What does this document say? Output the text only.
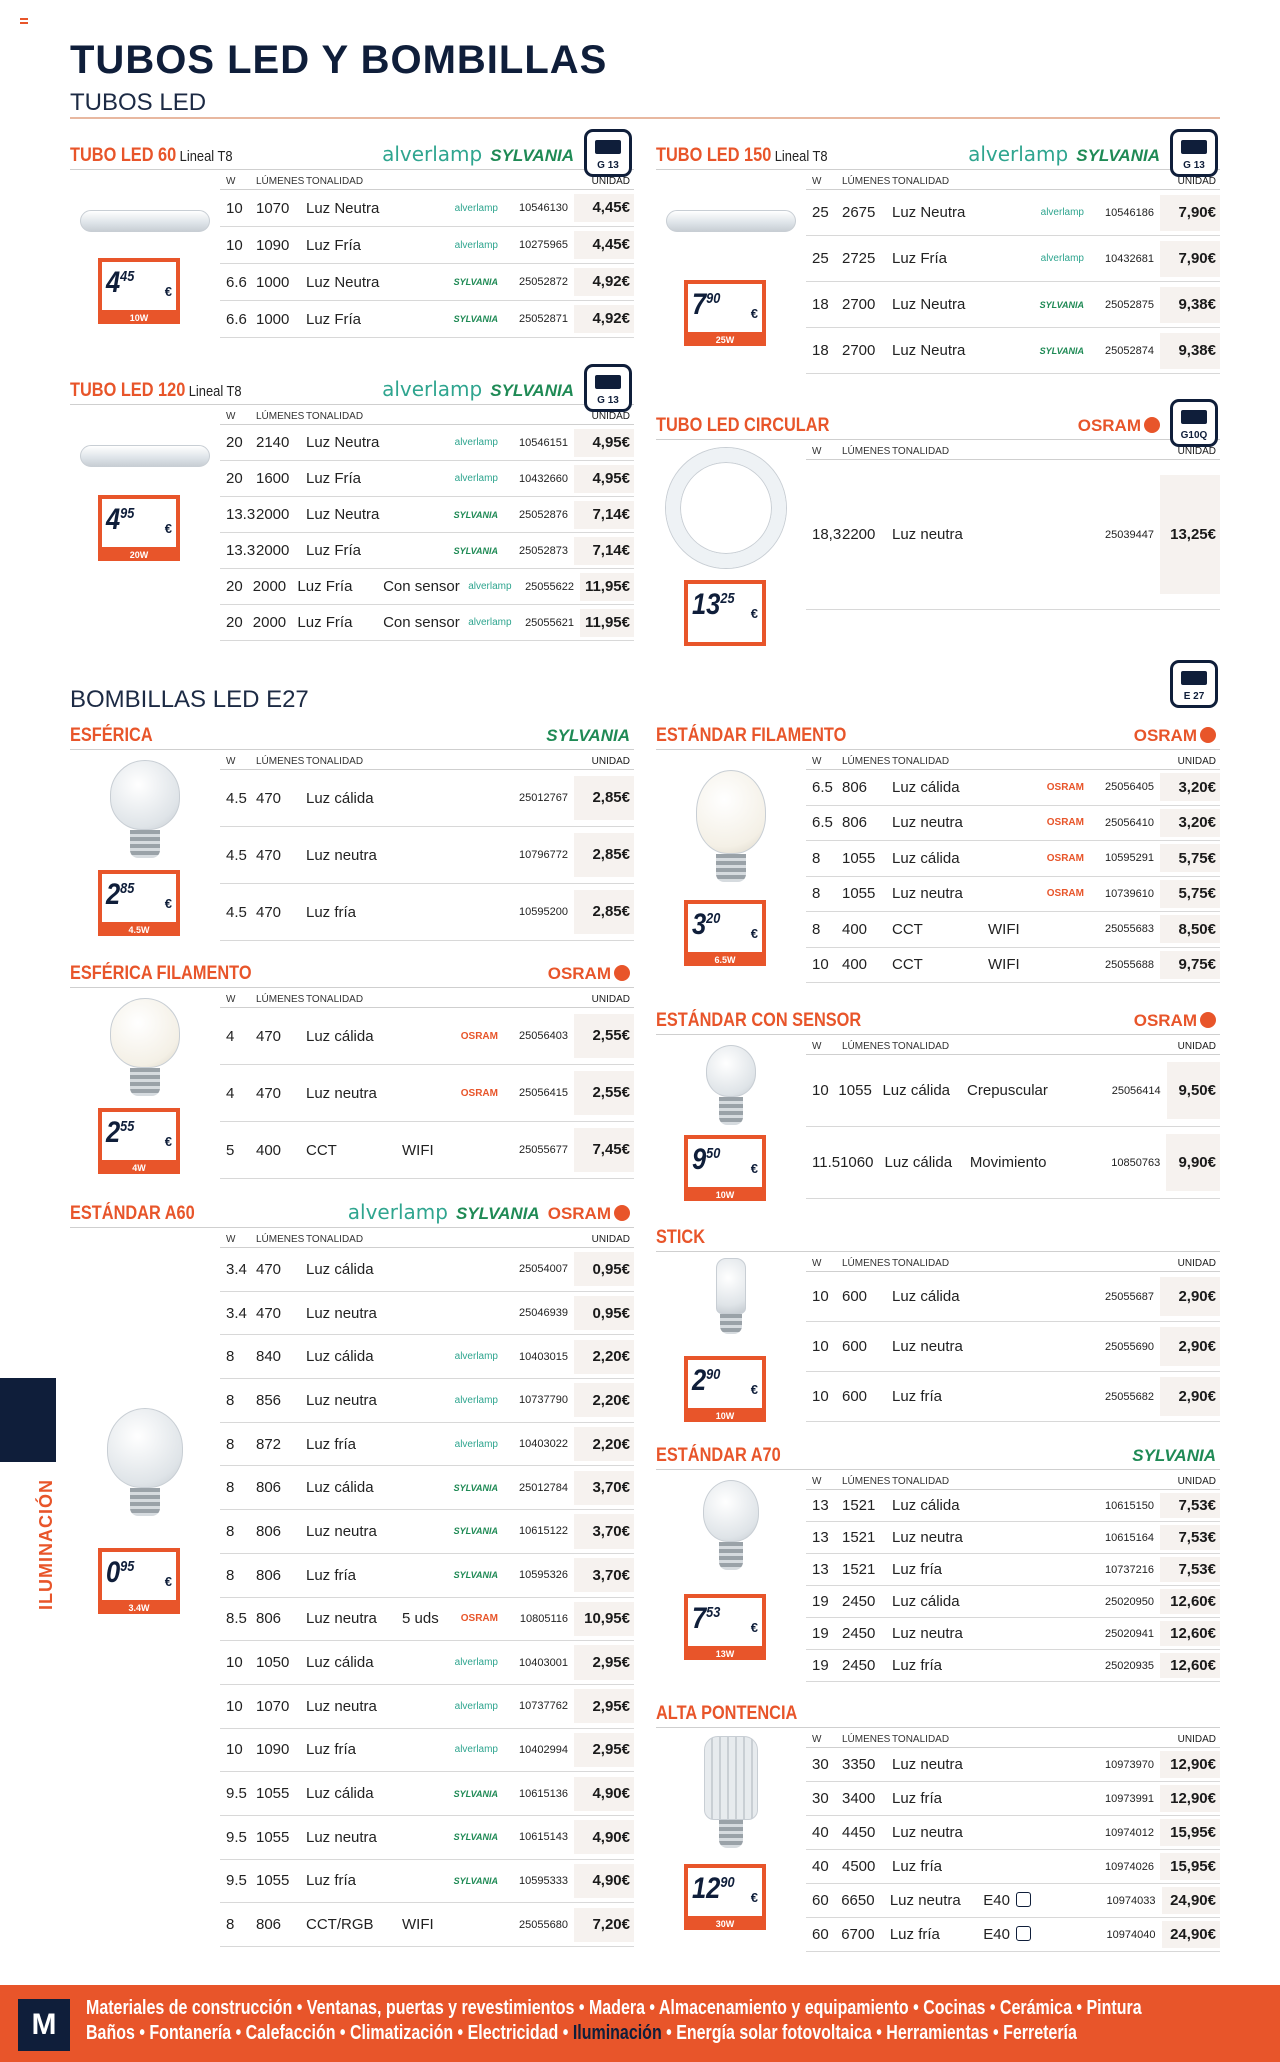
TUBOS LED Y BOMBILLAS
TUBOS LED
TUBO LED 60 Lineal T8	alverlamp SYLVANIA
G 13
$4^{45}$
€
10W
W	LÚMENES TONALIDAD	UNIDAD
10 1070	Luz Neutra	alverlamp	10546130	4,45€
10 1090	Luz Fría	alverlamp	10275965	4,45€
6.6 1000	Luz Neutra	SYLVANIA	25052872	4,92€
6.6 1000	Luz Fría	SYLVANIA	25052871	4,92€
TUBO LED 120 Lineal T8	alverlamp SYLVANIA
G 13
$4^{95}$
€
20W
W	LÚMENES TONALIDAD	UNIDAD
20 2140	Luz Neutra	alverlamp	10546151	4,95€
20 1600	Luz Fría	alverlamp	10432660	4,95€
13.3 2000	Luz Neutra	SYLVANIA	25052876	7,14€
13.3 2000	Luz Fría	SYLVANIA	25052873	7,14€
20 2000 Luz Fría	Con sensor alverlamp	25055622 11,95€
20 2000 Luz Fría	Con sensor alverlamp	25055621 11,95€
TUBO LED 150 Lineal T8	alverlamp SYLVANIA
G 13
$7^{90}$
€
25W
W	LÚMENES TONALIDAD	UNIDAD
25 2675	Luz Neutra	alverlamp	10546186	7,90€
25 2725	Luz Fría	alverlamp	10432681	7,90€
18 2700	Luz Neutra	SYLVANIA	25052875	9,38€
18 2700	Luz Neutra	SYLVANIA	25052874	9,38€
TUBO LED CIRCULAR	OSRAM
G10Q
$13^{25}$
€
W	LÚMENES TONALIDAD	UNIDAD
18,3 2200	Luz neutra	25039447	13,25€
BOMBILLAS LED E27	E 27
ESFÉRICA	SYLVANIA
$2^{85}$
€
4.5W
W	LÚMENES TONALIDAD	UNIDAD
4.5 470	Luz cálida	25012767	2,85€
4.5 470	Luz neutra	10796772	2,85€
4.5 470	Luz fría	10595200	2,85€
ESFÉRICA FILAMENTO	OSRAM
$2^{55}$
€
4W
W	LÚMENES TONALIDAD	UNIDAD
4	470	Luz cálida	OSRAM	25056403	2,55€
4	470	Luz neutra	OSRAM	25056415	2,55€
5	400	CCT	WIFI	25055677	7,45€
ESTÁNDAR A60	alverlamp SYLVANIA OSRAM
$0^{95}$
€
3.4W
W	LÚMENES TONALIDAD	UNIDAD
3.4 470	Luz cálida	25054007	0,95€
3.4 470	Luz neutra	25046939	0,95€
8	840	Luz cálida	alverlamp	10403015	2,20€
8	856	Luz neutra	alverlamp	10737790	2,20€
8	872	Luz fría	alverlamp	10403022	2,20€
8	806	Luz cálida	SYLVANIA	25012784	3,70€
8	806	Luz neutra	SYLVANIA	10615122	3,70€
8	806	Luz fría	SYLVANIA	10595326	3,70€
8.5 806	Luz neutra	5 uds	OSRAM	10805116	10,95€
10 1050	Luz cálida	alverlamp	10403001	2,95€
10 1070	Luz neutra	alverlamp	10737762	2,95€
10 1090	Luz fría	alverlamp	10402994	2,95€
9.5 1055	Luz cálida	SYLVANIA	10615136	4,90€
9.5 1055	Luz neutra	SYLVANIA	10615143	4,90€
9.5 1055	Luz fría	SYLVANIA	10595333	4,90€
8	806	CCT/RGB	WIFI	25055680	7,20€
ESTÁNDAR FILAMENTO	OSRAM
$3^{20}$
€
6.5W
W	LÚMENES TONALIDAD	UNIDAD
6.5 806	Luz cálida	OSRAM	25056405	3,20€
6.5 806	Luz neutra	OSRAM	25056410	3,20€
8	1055	Luz cálida	OSRAM	10595291	5,75€
8	1055	Luz neutra	OSRAM	10739610	5,75€
8	400	CCT	WIFI	25055683	8,50€
10 400	CCT	WIFI	25055688	9,75€
ESTÁNDAR CON SENSOR	OSRAM
$9^{50}$
€
10W
W	LÚMENES TONALIDAD	UNIDAD
10 1055 Luz cálida	Crepuscular	25056414	9,50€
11.5 1060 Luz cálida	Movimiento	10850763	9,90€
STICK
$2^{90}$
€
10W
W	LÚMENES TONALIDAD	UNIDAD
10 600	Luz cálida	25055687	2,90€
10 600	Luz neutra	25055690	2,90€
10 600	Luz fría	25055682	2,90€
ESTÁNDAR A70	SYLVANIA
$7^{53}$
€
13W
W	LÚMENES TONALIDAD	UNIDAD
13 1521	Luz cálida	10615150	7,53€
13 1521	Luz neutra	10615164	7,53€
13 1521	Luz fría	10737216	7,53€
19 2450	Luz cálida	25020950	12,60€
19 2450	Luz neutra	25020941	12,60€
19 2450	Luz fría	25020935	12,60€
ALTA PONTENCIA
$12^{90}$
€
30W
W	LÚMENES TONALIDAD	UNIDAD
30 3350	Luz neutra	10973970	12,90€
30 3400	Luz fría	10973991	12,90€
40 4450	Luz neutra	10974012	15,95€
40 4500	Luz fría	10974026	15,95€
60 6650	Luz neutra	E40	10974033 24,90€
60 6700	Luz fría	E40	10974040 24,90€
ILUMINACIÓN
M	Materiales de construcción • Ventanas, puertas y revestimientos • Madera • Almacenamiento y equipamiento • Cocinas • Cerámica • Pintura
Baños • Fontanería • Calefacción • Climatización • Electricidad • Iluminación • Energía solar fotovoltaica • Herramientas • Ferretería
